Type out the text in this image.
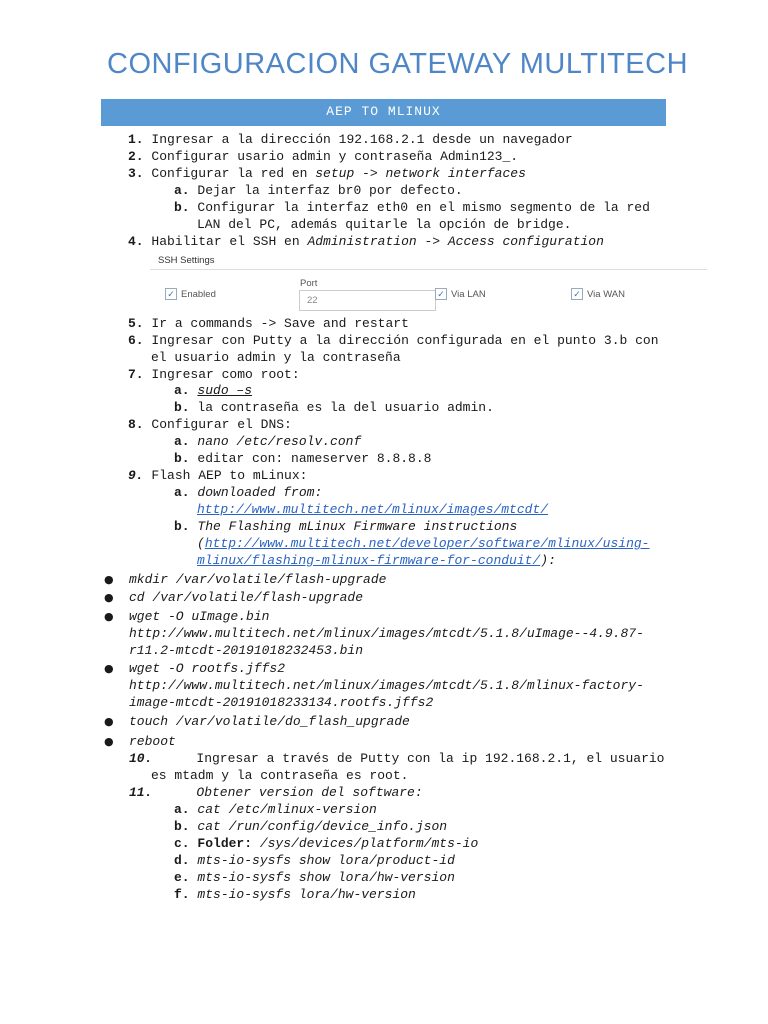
CONFIGURACION GATEWAY MULTITECH
AEP TO MLINUX
1. Ingresar a la dirección 192.168.2.1 desde un navegador
2. Configurar usario admin y contraseña Admin123_.
3. Configurar la red en setup -> network interfaces
a. Dejar la interfaz br0 por defecto.
b. Configurar la interfaz eth0 en el mismo segmento de la red
LAN del PC, además quitarle la opción de bridge.
4. Habilitar el SSH en Administration -> Access configuration
SSH Settings
✓ Enabled
Port
22
✓ Via LAN	✓ Via WAN
5. Ir a commands -> Save and restart
6. Ingresar con Putty a la dirección configurada en el punto 3.b con
el usuario admin y la contraseña
7. Ingresar como root:
a. sudo –s
b. la contraseña es la del usuario admin.
8. Configurar el DNS:
a. nano /etc/resolv.conf
b. editar con: nameserver 8.8.8.8
9. Flash AEP to mLinux:
a. downloaded from:
http://www.multitech.net/mlinux/images/mtcdt/
b. The Flashing mLinux Firmware instructions
(http://www.multitech.net/developer/software/mlinux/using-
mlinux/flashing-mlinux-firmware-for-conduit/):
● mkdir /var/volatile/flash-upgrade
● cd /var/volatile/flash-upgrade
● wget -O uImage.bin
http://www.multitech.net/mlinux/images/mtcdt/5.1.8/uImage--4.9.87-
r11.2-mtcdt-20191018232453.bin
● wget -O rootfs.jffs2
http://www.multitech.net/mlinux/images/mtcdt/5.1.8/mlinux-factory-
image-mtcdt-20191018233134.rootfs.jffs2
● touch /var/volatile/do_flash_upgrade
● reboot
10.	Ingresar a través de Putty con la ip 192.168.2.1, el usuario
es mtadm y la contraseña es root.
11.	Obtener version del software:
a. cat /etc/mlinux-version
b. cat /run/config/device_info.json
c. Folder: /sys/devices/platform/mts-io
d. mts-io-sysfs show lora/product-id
e. mts-io-sysfs show lora/hw-version
f. mts-io-sysfs lora/hw-version
